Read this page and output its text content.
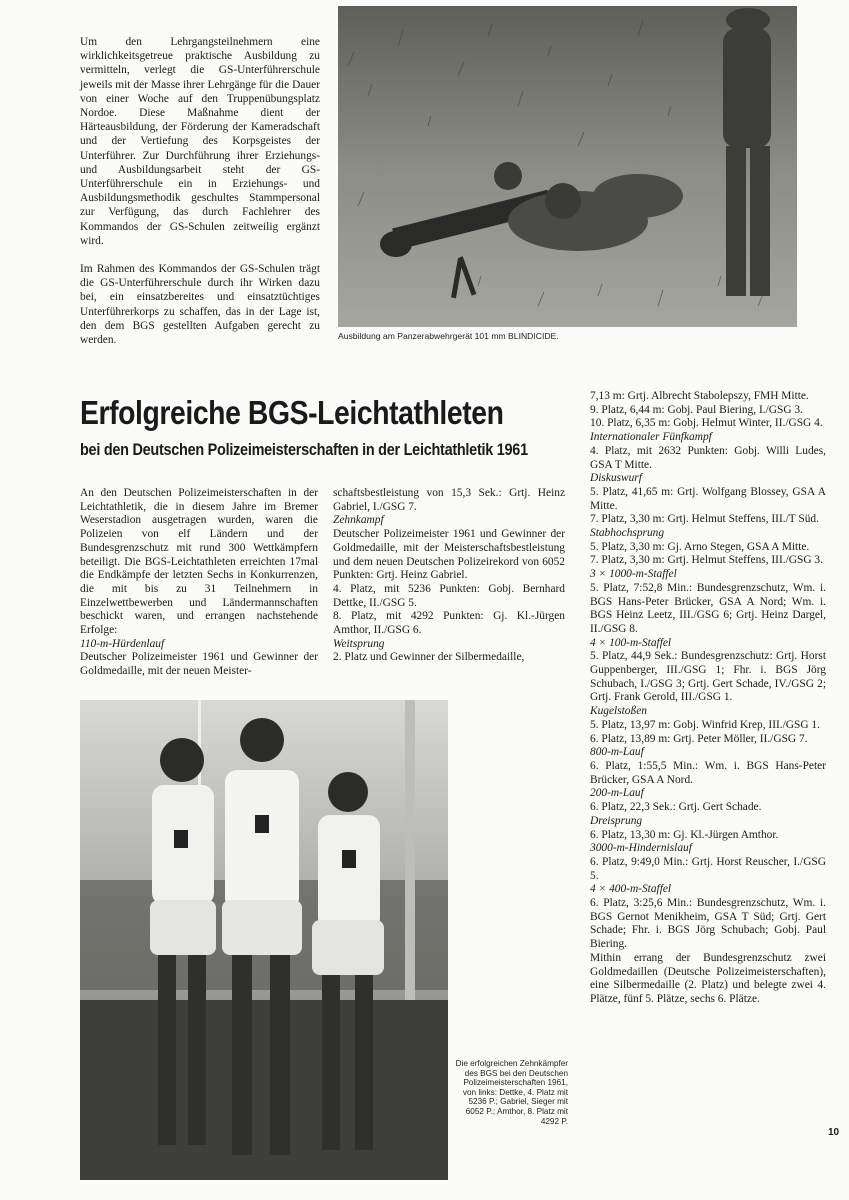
Um den Lehrgangsteilnehmern eine wirklichkeitsgetreue praktische Ausbildung zu vermitteln, verlegt die GS-Unterführerschule jeweils mit der Masse ihrer Lehrgänge für die Dauer von einer Woche auf den Truppenübungsplatz Nordoe. Diese Maßnahme dient der Härteausbildung, der Förderung der Kameradschaft und der Vertiefung des Korpsgeistes der Unterführer. Zur Durchführung ihrer Erziehungs- und Ausbildungsarbeit steht der GS-Unterführerschule ein in Erziehungs- und Ausbildungsmethodik geschultes Stammpersonal zur Verfügung, das durch Fachlehrer des Kommandos der GS-Schulen zeitweilig ergänzt wird.

Im Rahmen des Kommandos der GS-Schulen trägt die GS-Unterführerschule durch ihr Wirken dazu bei, ein einsatzbereites und einsatztüchtiges Unterführerkorps zu schaffen, das in der Lage ist, den dem BGS gestellten Aufgaben gerecht zu werden.	Ausbildung am Panzerabwehrgerät 101 mm BLINDICIDE.
Erfolgreiche BGS-Leichtathleten
bei den Deutschen Polizeimeisterschaften in der Leichtathletik 1961

An den Deutschen Polizeimeisterschaften in der Leichtathletik, die in diesem Jahre im Bremer Weserstadion ausgetragen wurden, waren die Polizeien von elf Ländern und der Bundesgrenzschutz mit rund 300 Wettkämpfern beteiligt. Die BGS-Leichtathleten erreichten 17mal die Endkämpfe der letzten Sechs in Konkurrenzen, die mit bis zu 31 Teilnehmern in Einzelwettbewerben und Ländermannschaften beschickt waren, und errangen nachstehende Erfolge:

110-m-Hürdenlauf

Deutscher Polizeimeister 1961 und Gewinner der Goldmedaille, mit der neuen Meister-

schaftsbestleistung von 15,3 Sek.: Grtj. Heinz Gabriel, I./GSG 7.

Zehnkampf

Deutscher Polizeimeister 1961 und Gewinner der Goldmedaille, mit der Meisterschaftsbestleistung und dem neuen Deutschen Polizeirekord von 6052 Punkten: Grtj. Heinz Gabriel.

4. Platz, mit 5236 Punkten: Gobj. Bernhard Dettke, II./GSG 5.

8. Platz, mit 4292 Punkten: Gj. Kl.-Jürgen Amthor, II./GSG 6.

Weitsprung

2. Platz und Gewinner der Silbermedaille,

7,13 m: Grtj. Albrecht Stabolepszy, FMH Mitte.

9. Platz, 6,44 m: Gobj. Paul Biering, I./GSG 3.

10. Platz, 6,35 m: Gobj. Helmut Winter, II./GSG 4.

Internationaler Fünfkampf

4. Platz, mit 2632 Punkten: Gobj. Willi Ludes, GSA T Mitte.

Diskuswurf

5. Platz, 41,65 m: Grtj. Wolfgang Blossey, GSA A Mitte.

7. Platz, 3,30 m: Grtj. Helmut Steffens, III./T Süd.

Stabhochsprung

5. Platz, 3,30 m: Gj. Arno Stegen, GSA A Mitte.

7. Platz, 3,30 m: Grtj. Helmut Steffens, III./GSG 3.

3 × 1000-m-Staffel

5. Platz, 7:52,8 Min.: Bundesgrenzschutz, Wm. i. BGS Hans-Peter Brücker, GSA A Nord; Wm. i. BGS Heinz Leetz, III./GSG 6; Grtj. Heinz Dargel, II./GSG 8.

4 × 100-m-Staffel

5. Platz, 44,9 Sek.: Bundesgrenzschutz: Grtj. Horst Guppenberger, III./GSG 1; Fhr. i. BGS Jörg Schubach, I./GSG 3; Grtj. Gert Schade, IV./GSG 2; Grtj. Frank Gerold, III./GSG 1.

Kugelstoßen

5. Platz, 13,97 m: Gobj. Winfrid Krep, III./GSG 1.

6. Platz, 13,89 m: Grtj. Peter Möller, II./GSG 7.

800-m-Lauf

6. Platz, 1:55,5 Min.: Wm. i. BGS Hans-Peter Brücker, GSA A Nord.

200-m-Lauf

6. Platz, 22,3 Sek.: Grtj. Gert Schade.

Dreisprung

6. Platz, 13,30 m: Gj. Kl.-Jürgen Amthor.

3000-m-Hindernislauf

6. Platz, 9:49,0 Min.: Grtj. Horst Reuscher, I./GSG 5.

4 × 400-m-Staffel

6. Platz, 3:25,6 Min.: Bundesgrenzschutz, Wm. i. BGS Gernot Menikheim, GSA T Süd; Grtj. Gert Schade; Fhr. i. BGS Jörg Schubach; Gobj. Paul Biering.

Mithin errang der Bundesgrenzschutz zwei Goldmedaillen (Deutsche Polizeimeisterschaften), eine Silbermedaille (2. Platz) und belegte zwei 4. Plätze, fünf 5. Plätze, sechs 6. Plätze.

Die erfolgreichen Zehnkämpfer des BGS bei den Deutschen Polizeimeisterschaften 1961, von links: Dettke, 4. Platz mit 5236 P.; Gabriel, Sieger mit 6052 P.; Amthor, 8. Platz mit 4292 P.
10
